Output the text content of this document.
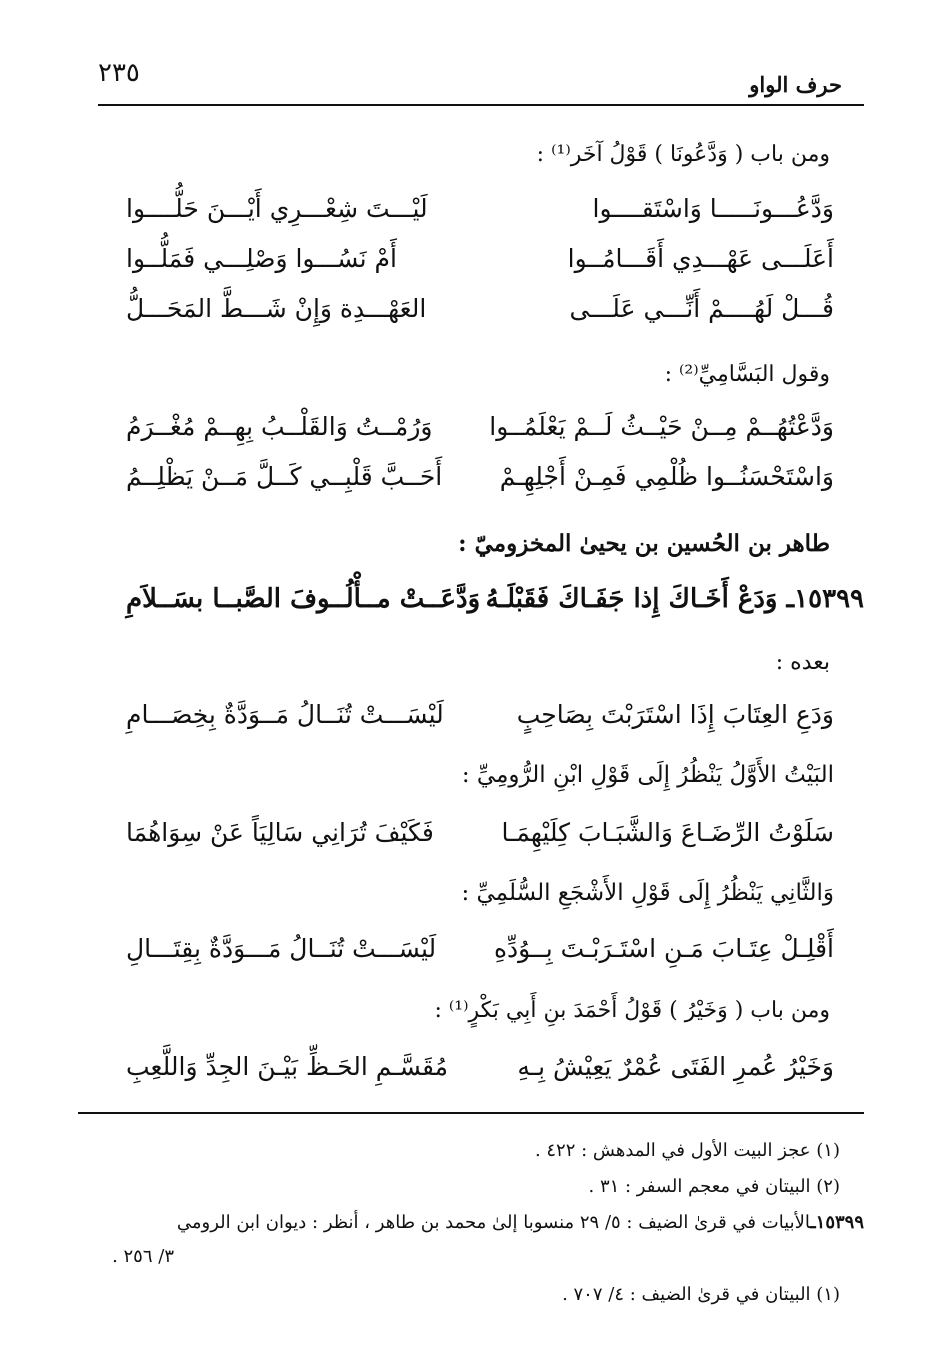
٢٣٥	حرف الواو
ومن باب ( وَدَّعُونَا ) قَوْلُ آخَر⁽¹⁾ :
وَدَّعُـــونَـــــا وَاسْتَقــــوا
لَيْـــتَ شِعْـــرِي أَيْـــنَ حَلُّــــوا
أَعَلَـــى عَهْـــدِي أَقَـــامُــوا
أَمْ نَسُـــوا وَصْلِـــي فَمَلُّــوا
قُـــلْ لَهُــــمْ أَنِّـــي عَلَـــى
العَهْـــدِة وَإِنْ شَـــطَّ المَحَـــلُّ
وقول البَسَّامِيِّ⁽²⁾ :
وَدَّعْتُهُــمْ مِــنْ حَيْــثُ لَــمْ يَعْلَمُــوا
وَرُمْــتُ وَالقَلْــبُ بِهِــمْ مُغْــرَمُ
وَاسْتَحْسَنُــوا ظُلْمِي فَمِـنْ أَجْلِهِـمْ
أَحَــبَّ قَلْبِــي كَــلَّ مَــنْ يَظْلِــمُ
طاهر بن الحُسين بن يحيىٰ المخزوميّ :
١٥٣٩٩ـ وَدَعْ أَخَـاكَ إِذا جَفَـاكَ فَقَبْلَـهُ
وَدَّعَــتْ مــأْلُــوفَ الصَّبــا بسَــلاَمِ
بعده :
وَدَعِ العِتَابَ إِذَا اسْتَرَبْتَ بِصَاحِبٍ
لَيْسَـــتْ تُنَــالُ مَــوَدَّةٌ بِخِصَـــامِ
البَيْتُ الأَوَّلُ يَنْظُرُ إِلَى قَوْلِ ابْنِ الرُّومِيِّ :
سَلَوْتُ الرِّضَـاعَ وَالشَّبَـابَ كِلَيْهِمَـا
فَكَيْفَ تُرَانِي سَالِيَاً عَنْ سِوَاهُمَا
وَالثَّانِي يَنْظُرُ إِلَى قَوْلِ الأَشْجَعِ السُّلَمِيِّ :
أَقْلِـلْ عِتَـابَ مَـنِ اسْتَـرَبْـتَ بِــوُدِّهِ
لَيْسَـــتْ تُنَــالُ مَـــوَدَّةٌ بِقِتَـــالِ
ومن باب ( وَخَيْرُ ) قَوْلُ أَحْمَدَ بنِ أَبِي بَكْرٍ⁽¹⁾ :
وَخَيْرُ عُمرِ الفَتَى عُمْرٌ يَعِيْشُ بِـهِ
مُقَسَّـمِ الحَـظِّ بَيْـنَ الجِدِّ وَاللَّعِبِ
(١) عجز البيت الأول في المدهش : ٤٢٢ .
(٢) البيتان في معجم السفر : ٣١ .
١٥٣٩٩ـالأبيات في قرىٰ الضيف : ٥/ ٢٩ منسوبا إلىٰ محمد بن طاهر ، أنظر : ديوان ابن الرومي
٣/ ٢٥٦ .
(١) البيتان في قرىٰ الضيف : ٤/ ٧٠٧ .
